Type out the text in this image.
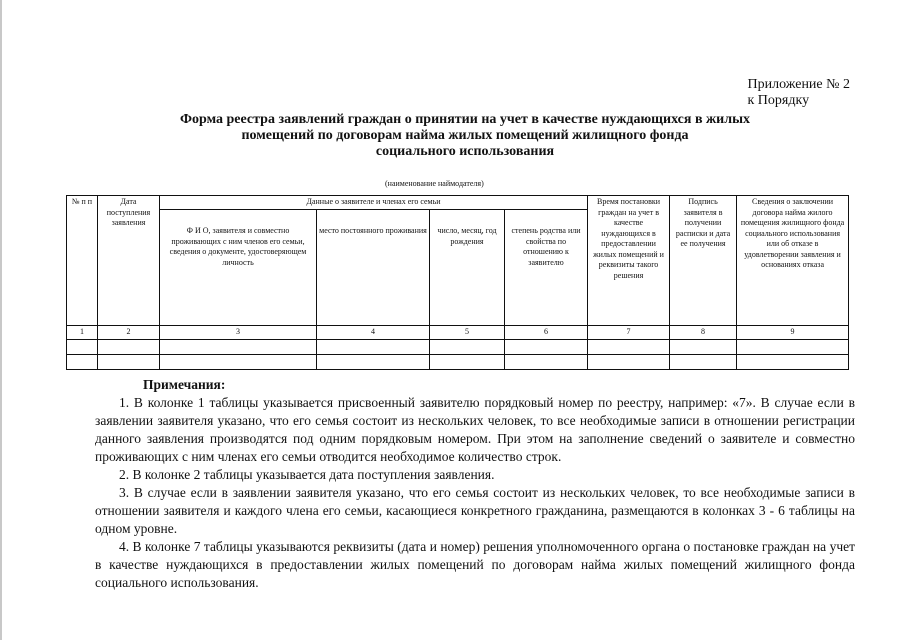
Приложение № 2
к Порядку
Форма реестра заявлений граждан о принятии на учет в качестве нуждающихся в жилых
помещений по договорам найма жилых помещений жилищного фонда
социального использования
(наименование наймодателя)
№ п п	Дата поступления заявления	Данные о заявителе и членах его семьи				Время постановки граждан на учет в качестве нуждающихся в предоставлении жилых помещений и реквизиты такого решения	Подпись заявителя в получении расписки и дата ее получения	Сведения о заключении договора найма жилого помещения жилищного фонда социального использования или об отказе в удовлетворении заявления и основаниях отказа
		Ф И О, заявителя и совместно проживающих с ним членов его семьи, сведения о документе, удостоверяющем личность	место постоянного проживания	число, месяц, год рождения	степень родства или свойства по отношению к заявителю			
1	2	3	4	5	6	7	8	9

Примечания:

1. В колонке 1 таблицы указывается присвоенный заявителю порядковый номер по реестру, например: «7». В случае если в заявлении заявителя указано, что его семья состоит из нескольких человек, то все необходимые записи в отношении регистрации данного заявления производятся под одним порядковым номером. При этом на заполнение сведений о заявителе и совместно проживающих с ним членах его семьи отводится необходимое количество строк.

2. В колонке 2 таблицы указывается дата поступления заявления.

3. В случае если в заявлении заявителя указано, что его семья состоит из нескольких человек, то все необходимые записи в отношении заявителя и каждого члена его семьи, касающиеся конкретного гражданина, размещаются в колонках 3 - 6 таблицы на одном уровне.

4. В колонке 7 таблицы указываются реквизиты (дата и номер) решения уполномоченного органа о постановке граждан на учет в качестве нуждающихся в предоставлении жилых помещений по договорам найма жилых помещений жилищного фонда социального использования.
